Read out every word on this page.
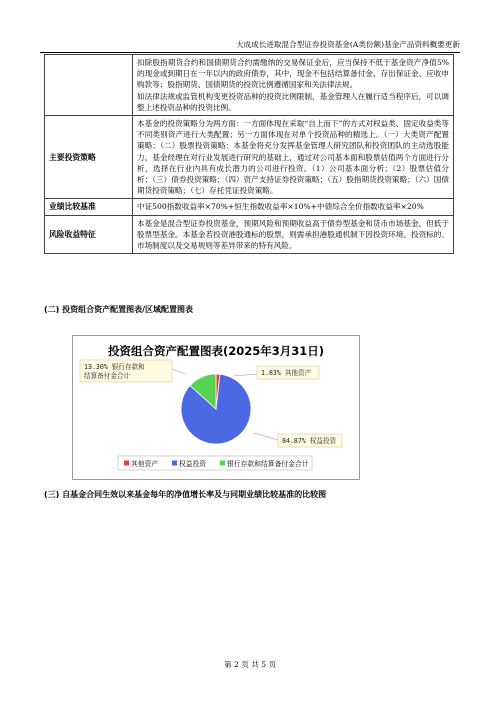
大成成长进取混合型证券投资基金(A类份额)基金产品资料概要更新

	扣除股指期货合约和国债期货合约需缴纳的交易保证金后，应当保持不低于基金资产净值5%的现金或到期日在一年以内的政府债券，其中，现金不包括结算备付金、存出保证金、应收申购款等；股指期货、国债期货的投资比例遵循国家和关法律法规。

如法律法规或监管机构变更投资品种的投资比例限制，基金管理人在履行适当程序后，可以调整上述投资品种的投资比例。

主要投资策略	本基金的投资策略分为两方面：一方面体现在采取“自上而下”的方式对权益类、固定收益类等不同类别资产进行大类配置；另一方面体现在对单个投资品种的精选上。（一）大类资产配置策略；（二）股票投资策略：本基金将充分发挥基金管理人研究团队和投资团队的主动选股能力，基金经理在对行业发展进行研究的基础上，通过对公司基本面和股票估值两个方面进行分析，选择在行业内具有成长潜力的公司进行投资。（1）公司基本面分析；（2）股票估值分析；（三）债券投资策略；（四）资产支持证券投资策略；（五）股指期货投资策略；（六）国债期货投资策略；（七）存托凭证投资策略。

业绩比较基准	中证500指数收益率×70%+恒生指数收益率×10%+中债综合全价指数收益率×20%

风险收益特征	本基金是混合型证券投资基金，预期风险和预期收益高于债券型基金和货币市场基金，但低于股票型基金。本基金若投资港股通标的股票，则需承担港股通机制下因投资环境、投资标的、市场制度以及交易规则等差异带来的特有风险。

(二) 投资组合资产配置图表/区域配置图表
投资组合资产配置图表(2025年3月31日)
13.30% 银行存款和 结算备付金合计	1.83% 其他资产
84.87% 权益投资
其他资产	权益投资	银行存款和结算备付金合计
(三) 自基金合同生效以来基金每年的净值增长率及与同期业绩比较基准的比较图
第 2 页 共 5 页
